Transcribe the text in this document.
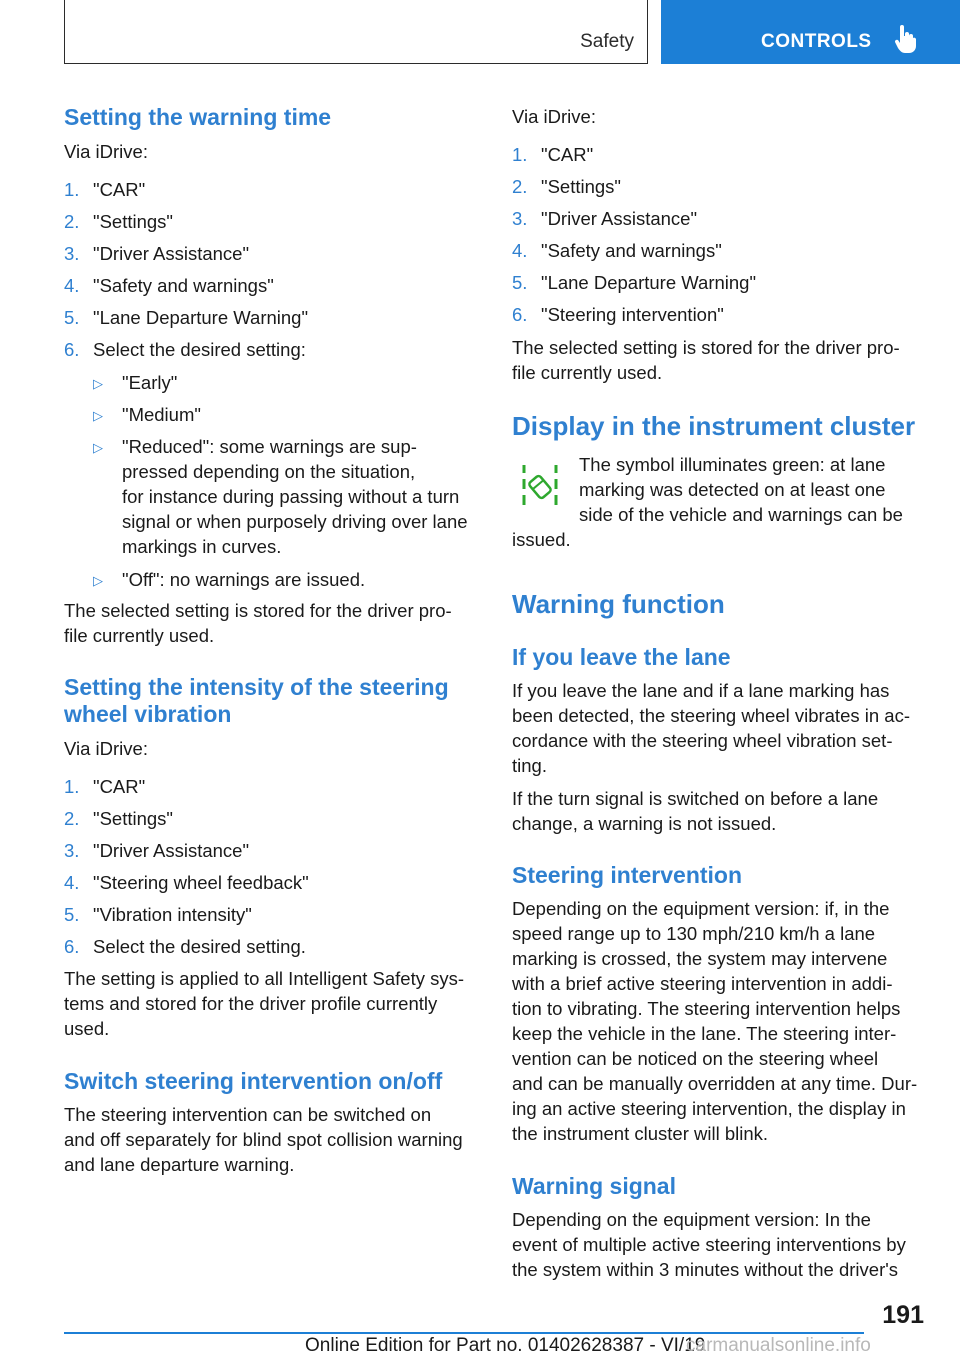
Safety	CONTROLS
Setting the warning time
Via iDrive:
1. "CAR"
2. "Settings"
3. "Driver Assistance"
4. "Safety and warnings"
5. "Lane Departure Warning"
6. Select the desired setting:
▷ "Early"
▷ "Medium"
▷ "Reduced": some warnings are sup-
pressed depending on the situation,
for instance during passing without a turn
signal or when purposely driving over lane
markings in curves.
▷ "Off": no warnings are issued.
The selected setting is stored for the driver pro-
file currently used.
Setting the intensity of the steering
wheel vibration
Via iDrive:
1. "CAR"
2. "Settings"
3. "Driver Assistance"
4. "Steering wheel feedback"
5. "Vibration intensity"
6. Select the desired setting.
The setting is applied to all Intelligent Safety sys-
tems and stored for the driver profile currently
used.
Switch steering intervention on/off
The steering intervention can be switched on
and off separately for blind spot collision warning
and lane departure warning.
Via iDrive:
1. "CAR"
2. "Settings"
3. "Driver Assistance"
4. "Safety and warnings"
5. "Lane Departure Warning"
6. "Steering intervention"
The selected setting is stored for the driver pro-
file currently used.
Display in the instrument cluster
The symbol illuminates green: at lane
marking was detected on at least one
side of the vehicle and warnings can be
issued.
Warning function
If you leave the lane
If you leave the lane and if a lane marking has
been detected, the steering wheel vibrates in ac-
cordance with the steering wheel vibration set-
ting.
If the turn signal is switched on before a lane
change, a warning is not issued.
Steering intervention
Depending on the equipment version: if, in the
speed range up to 130 mph/210 km/h a lane
marking is crossed, the system may intervene
with a brief active steering intervention in addi-
tion to vibrating. The steering intervention helps
keep the vehicle in the lane. The steering inter-
vention can be noticed on the steering wheel
and can be manually overridden at any time. Dur-
ing an active steering intervention, the display in
the instrument cluster will blink.
Warning signal
Depending on the equipment version: In the
event of multiple active steering interventions by
the system within 3 minutes without the driver's
191
Online Edition for Part no. 01402628387 - VI/19
carmanualsonline.info
